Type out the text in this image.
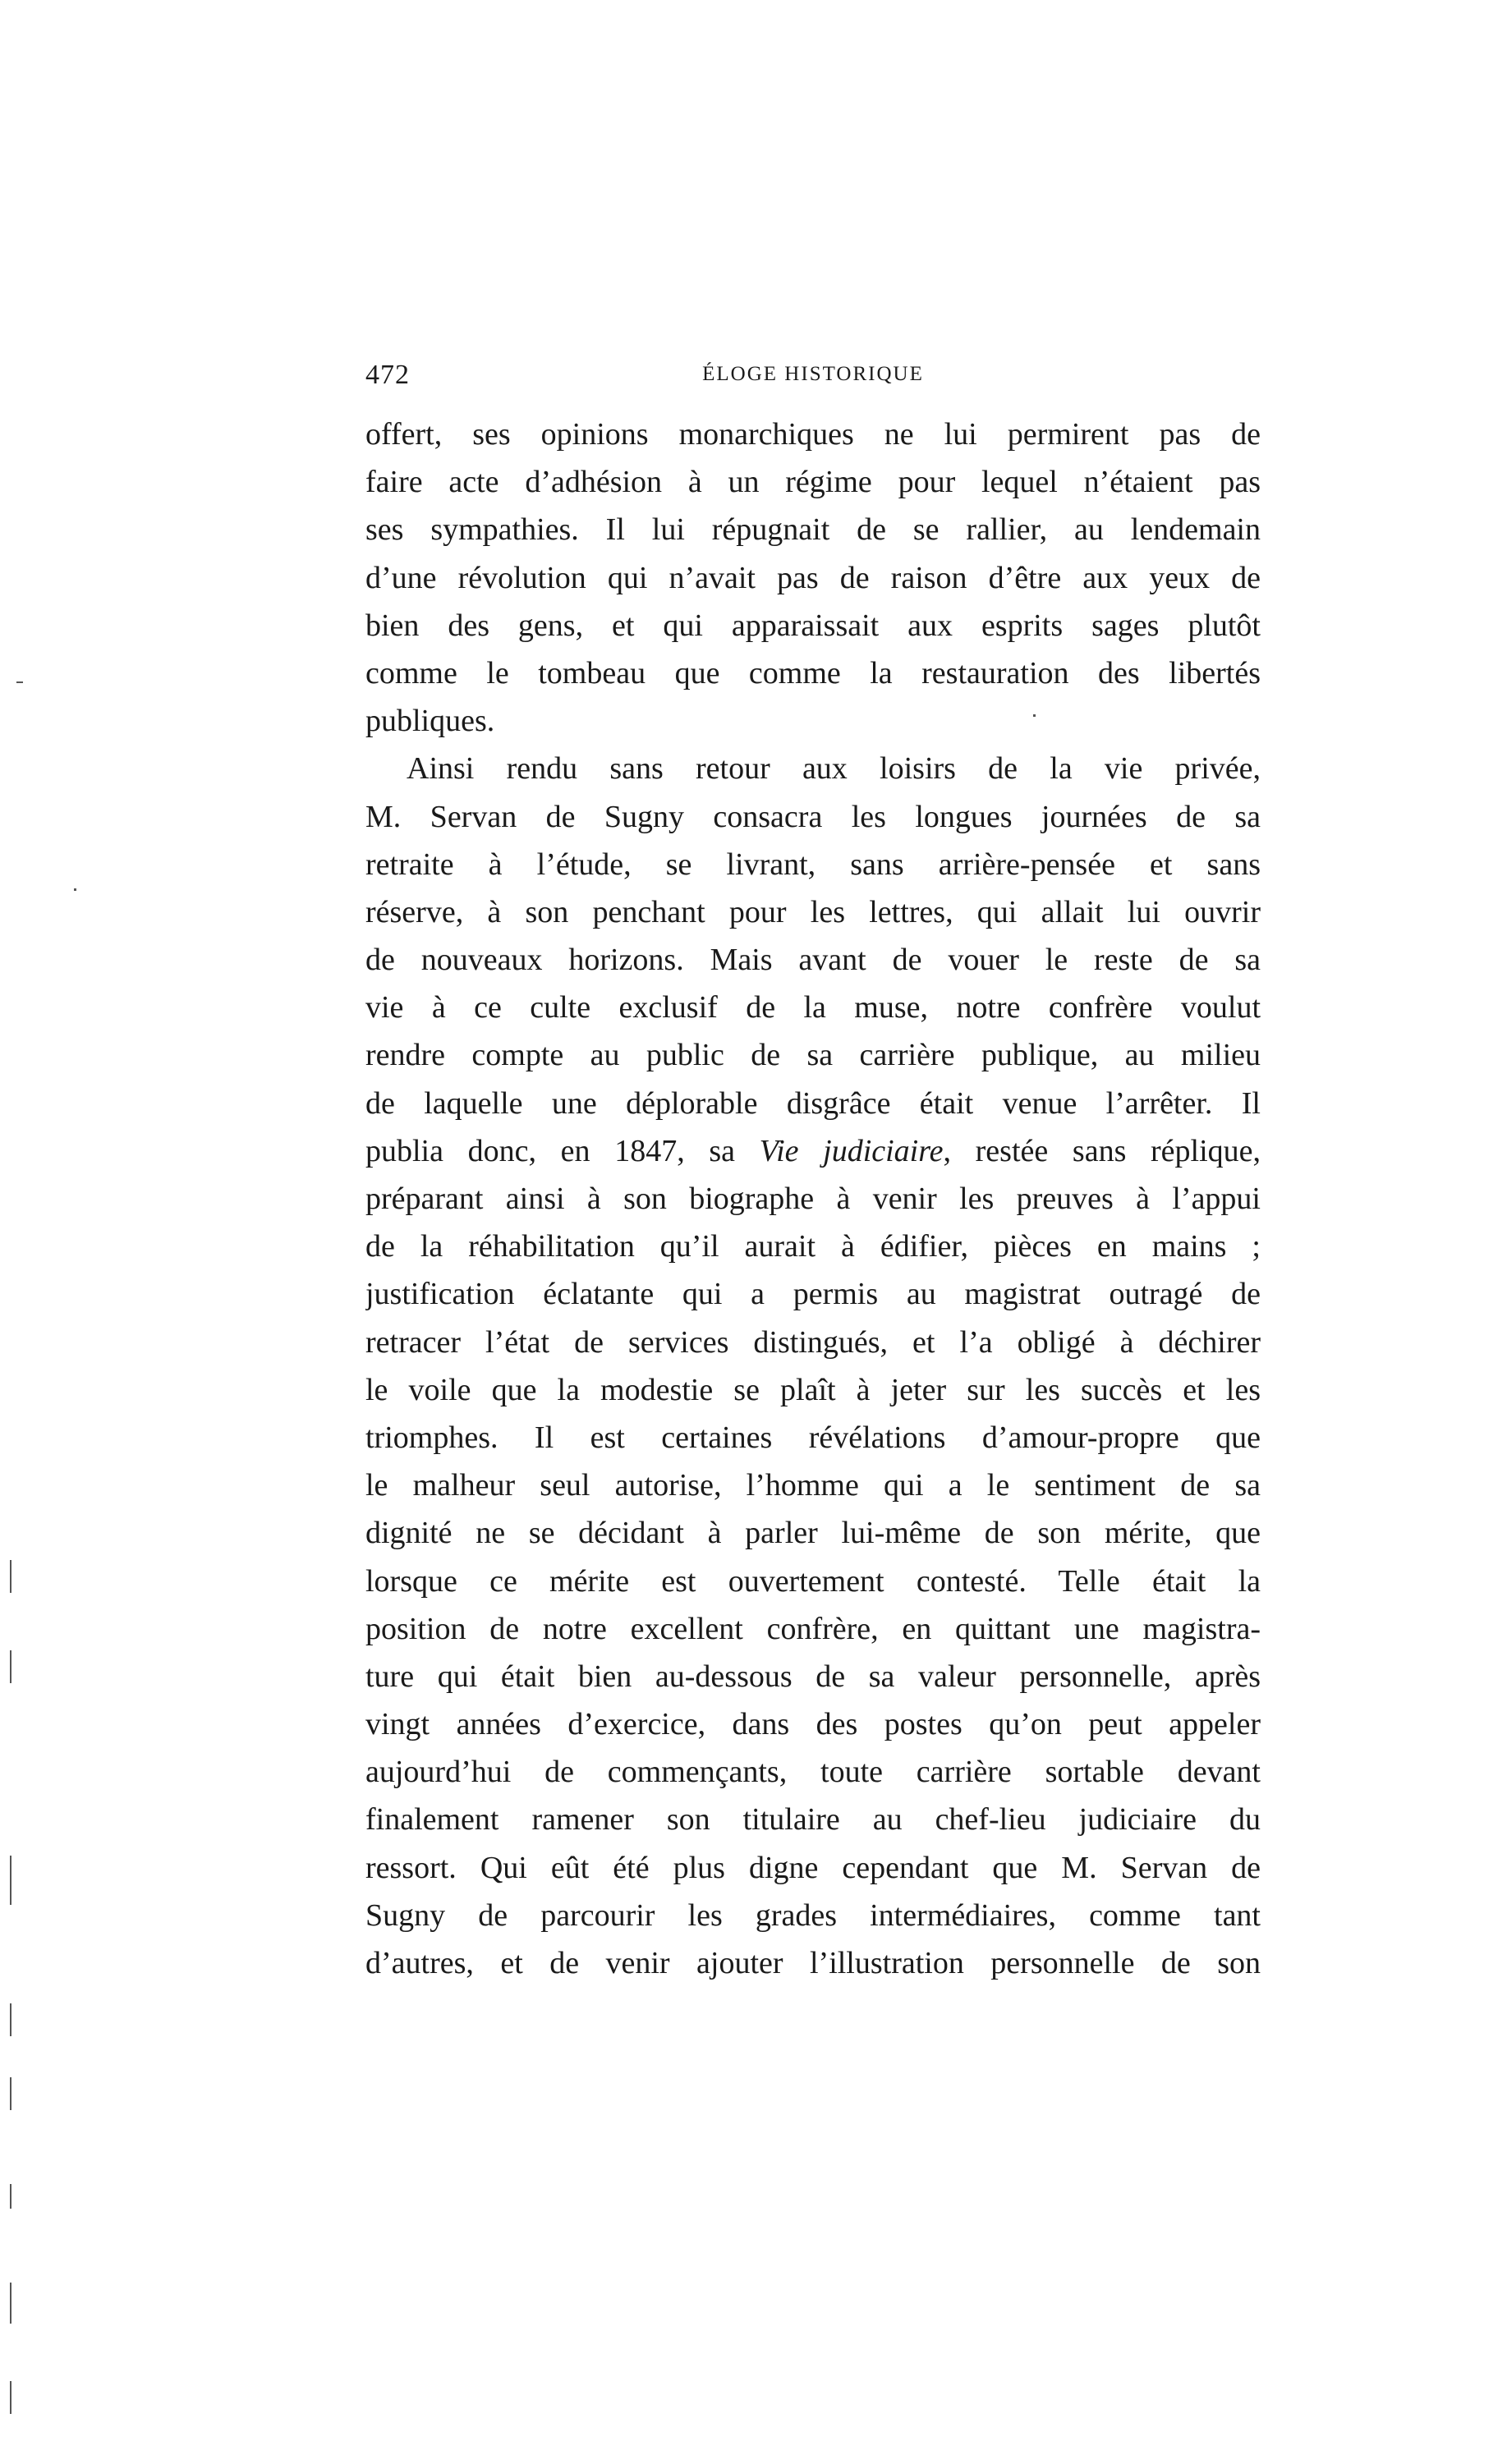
472	ÉLOGE HISTORIQUE
offert, ses opinions monarchiques ne lui permirent pas de
faire acte d’adhésion à un régime pour lequel n’étaient pas
ses sympathies. Il lui répugnait de se rallier, au lendemain
d’une révolution qui n’avait pas de raison d’être aux yeux de
bien des gens, et qui apparaissait aux esprits sages plutôt
comme le tombeau que comme la restauration des libertés
publiques.
Ainsi rendu sans retour aux loisirs de la vie privée,
M. Servan de Sugny consacra les longues journées de sa
retraite à l’étude, se livrant, sans arrière-pensée et sans
réserve, à son penchant pour les lettres, qui allait lui ouvrir
de nouveaux horizons. Mais avant de vouer le reste de sa
vie à ce culte exclusif de la muse, notre confrère voulut
rendre compte au public de sa carrière publique, au milieu
de laquelle une déplorable disgrâce était venue l’arrêter. Il
publia donc, en 1847, sa Vie judiciaire, restée sans réplique,
préparant ainsi à son biographe à venir les preuves à l’appui
de la réhabilitation qu’il aurait à édifier, pièces en mains ;
justification éclatante qui a permis au magistrat outragé de
retracer l’état de services distingués, et l’a obligé à déchirer
le voile que la modestie se plaît à jeter sur les succès et les
triomphes. Il est certaines révélations d’amour-propre que
le malheur seul autorise, l’homme qui a le sentiment de sa
dignité ne se décidant à parler lui-même de son mérite, que
lorsque ce mérite est ouvertement contesté. Telle était la
position de notre excellent confrère, en quittant une magistra-
ture qui était bien au-dessous de sa valeur personnelle, après
vingt années d’exercice, dans des postes qu’on peut appeler
aujourd’hui de commençants, toute carrière sortable devant
finalement ramener son titulaire au chef-lieu judiciaire du
ressort. Qui eût été plus digne cependant que M. Servan de
Sugny de parcourir les grades intermédiaires, comme tant
d’autres, et de venir ajouter l’illustration personnelle de son
